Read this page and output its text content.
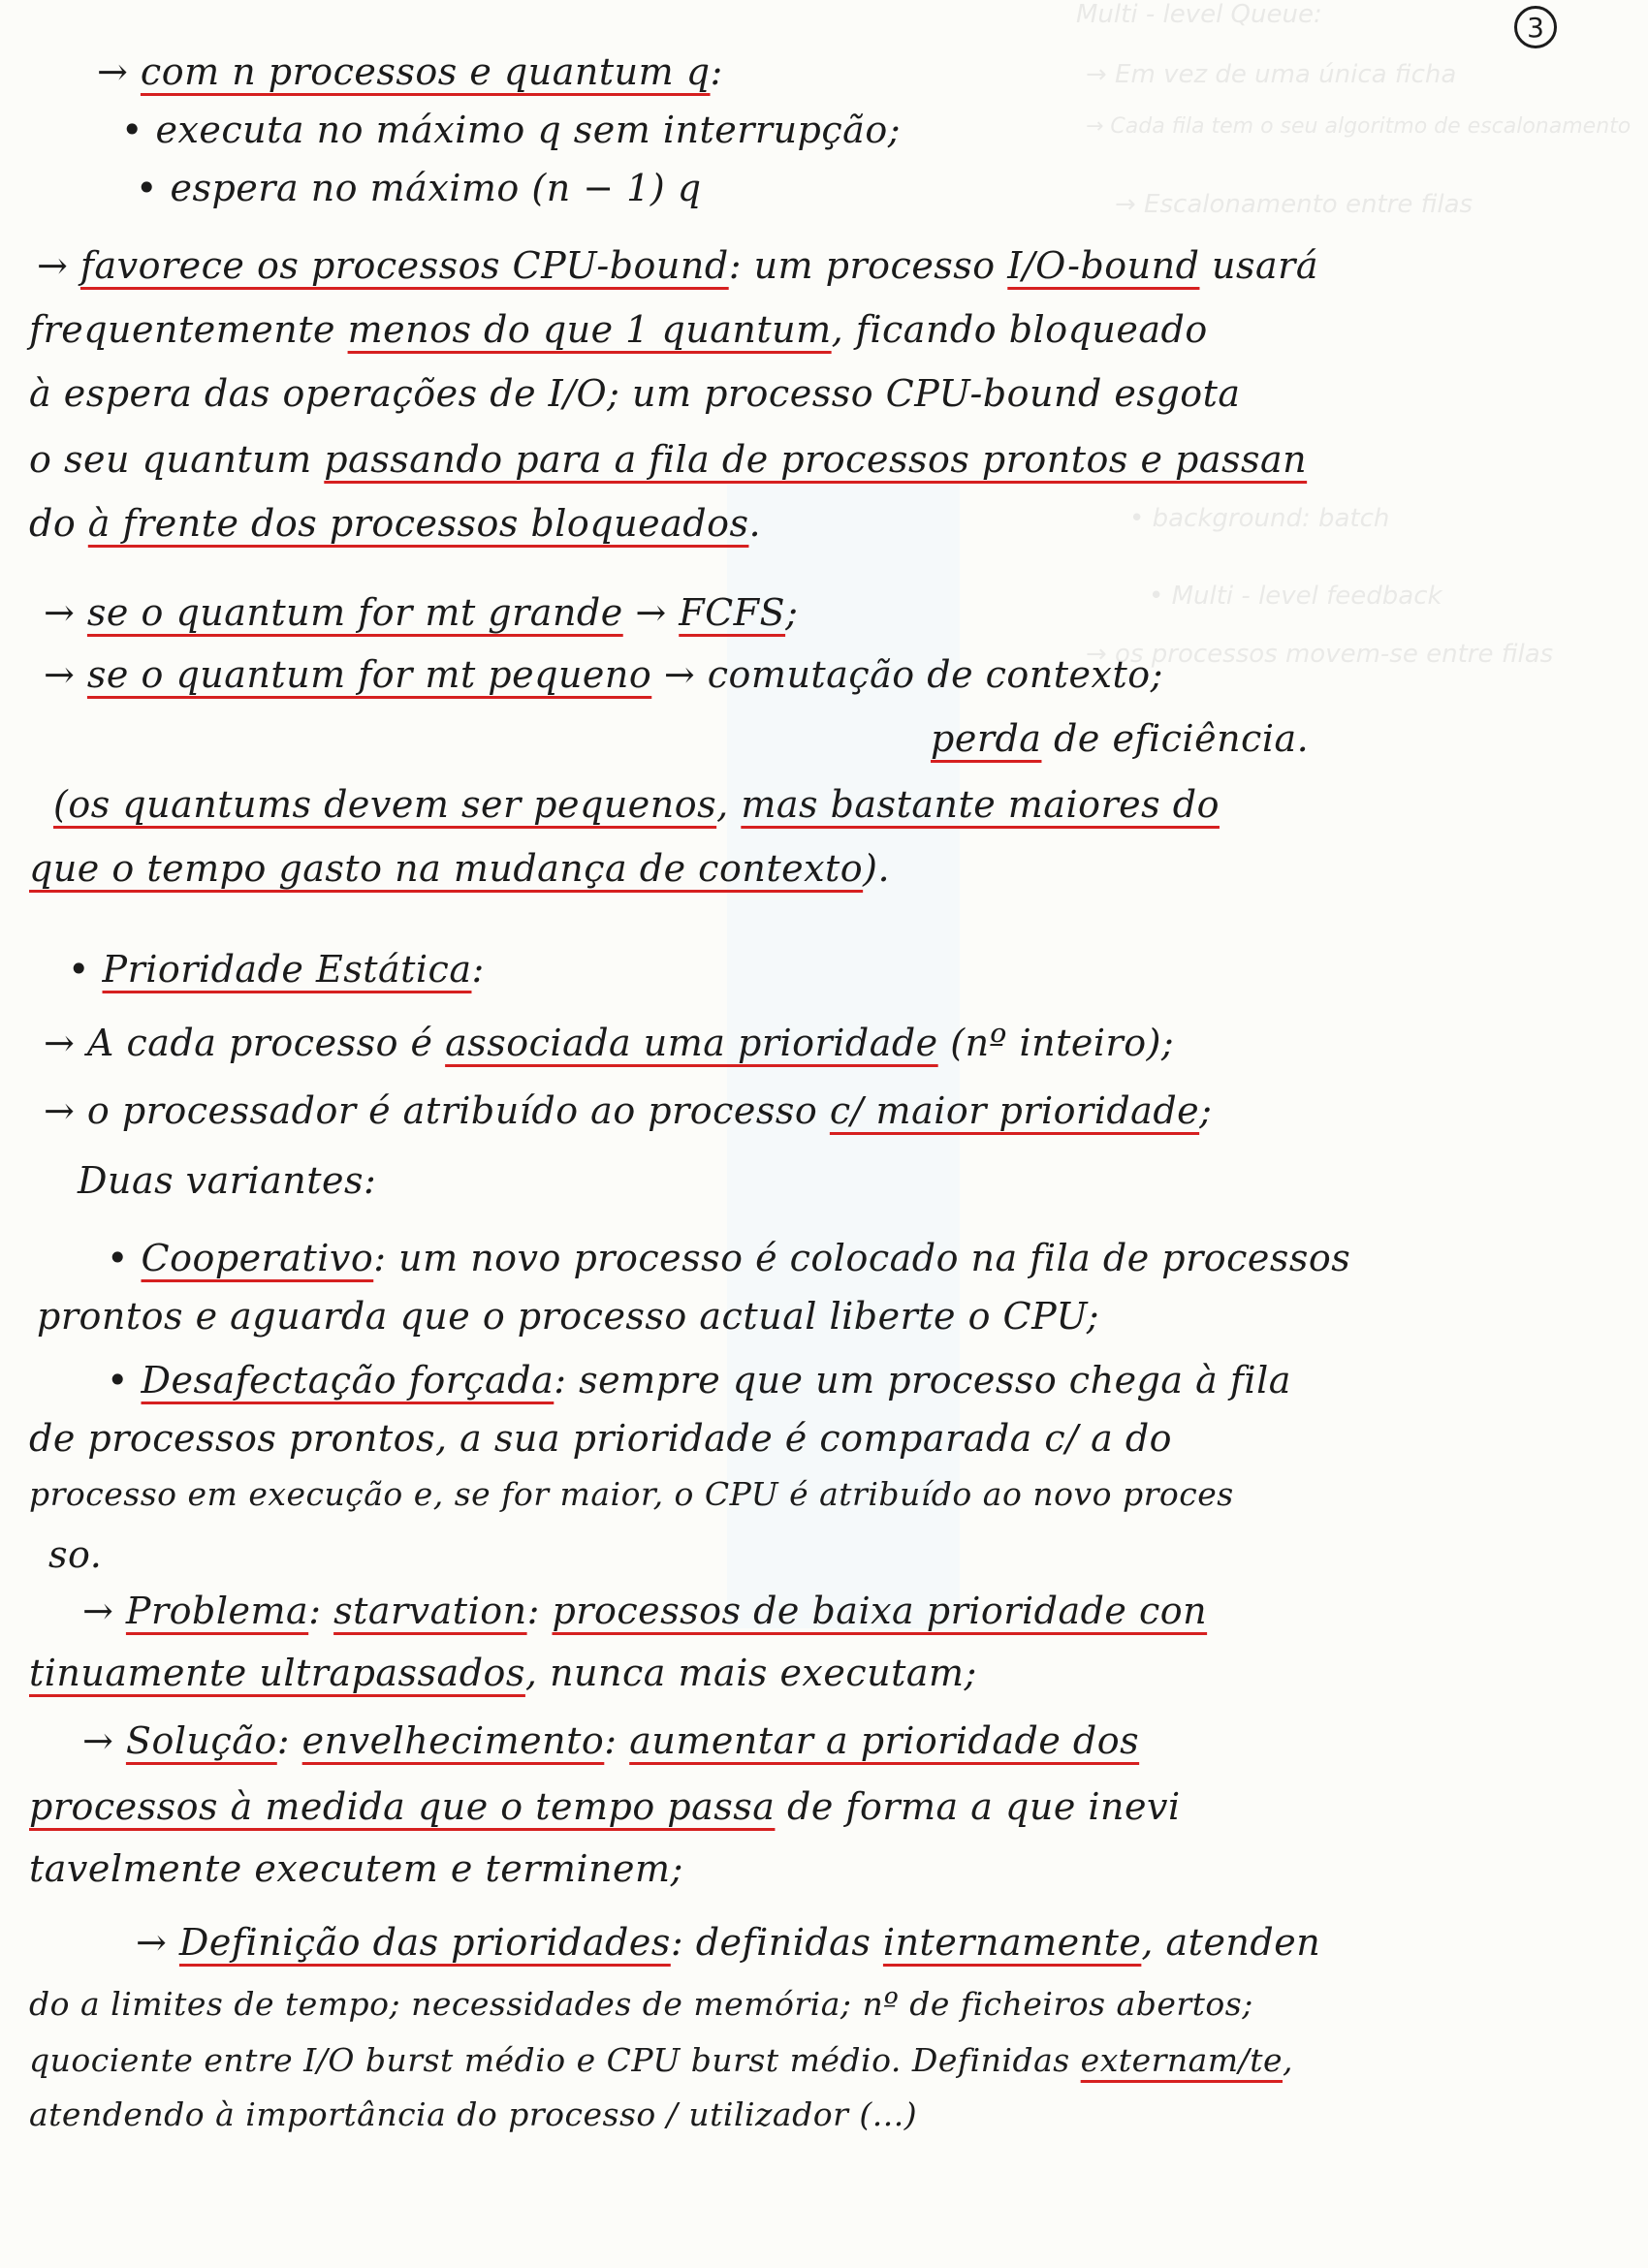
Multi - level Queue:
→ Em vez de uma única ficha
→ Cada fila tem o seu algoritmo de escalonamento
→ Escalonamento entre filas
• background: batch
• Multi - level feedback
→ os processos movem-se entre filas
3
→ com n processos e quantum q:
• executa no máximo q sem interrupção;
• espera no máximo (n − 1) q
→ favorece os processos CPU-bound: um processo I/O-bound usará
frequentemente menos do que 1 quantum, ficando bloqueado
à espera das operações de I/O; um processo CPU-bound esgota
o seu quantum passando para a fila de processos prontos e passan
do à frente dos processos bloqueados.
→ se o quantum for mt grande → FCFS;
→ se o quantum for mt pequeno → comutação de contexto;
perda de eficiência.
(os quantums devem ser pequenos, mas bastante maiores do
que o tempo gasto na mudança de contexto).
• Prioridade Estática:
→ A cada processo é associada uma prioridade (nº inteiro);
→ o processador é atribuído ao processo c/ maior prioridade;
Duas variantes:
• Cooperativo: um novo processo é colocado na fila de processos
prontos e aguarda que o processo actual liberte o CPU;
• Desafectação forçada: sempre que um processo chega à fila
de processos prontos, a sua prioridade é comparada c/ a do
processo em execução e, se for maior, o CPU é atribuído ao novo proces
so.
→ Problema: starvation: processos de baixa prioridade con
tinuamente ultrapassados, nunca mais executam;
→ Solução: envelhecimento: aumentar a prioridade dos
processos à medida que o tempo passa de forma a que inevi
tavelmente executem e terminem;
→ Definição das prioridades: definidas internamente, atenden
do a limites de tempo; necessidades de memória; nº de ficheiros abertos;
quociente entre I/O burst médio e CPU burst médio. Definidas externam/te,
atendendo à importância do processo / utilizador (...)
